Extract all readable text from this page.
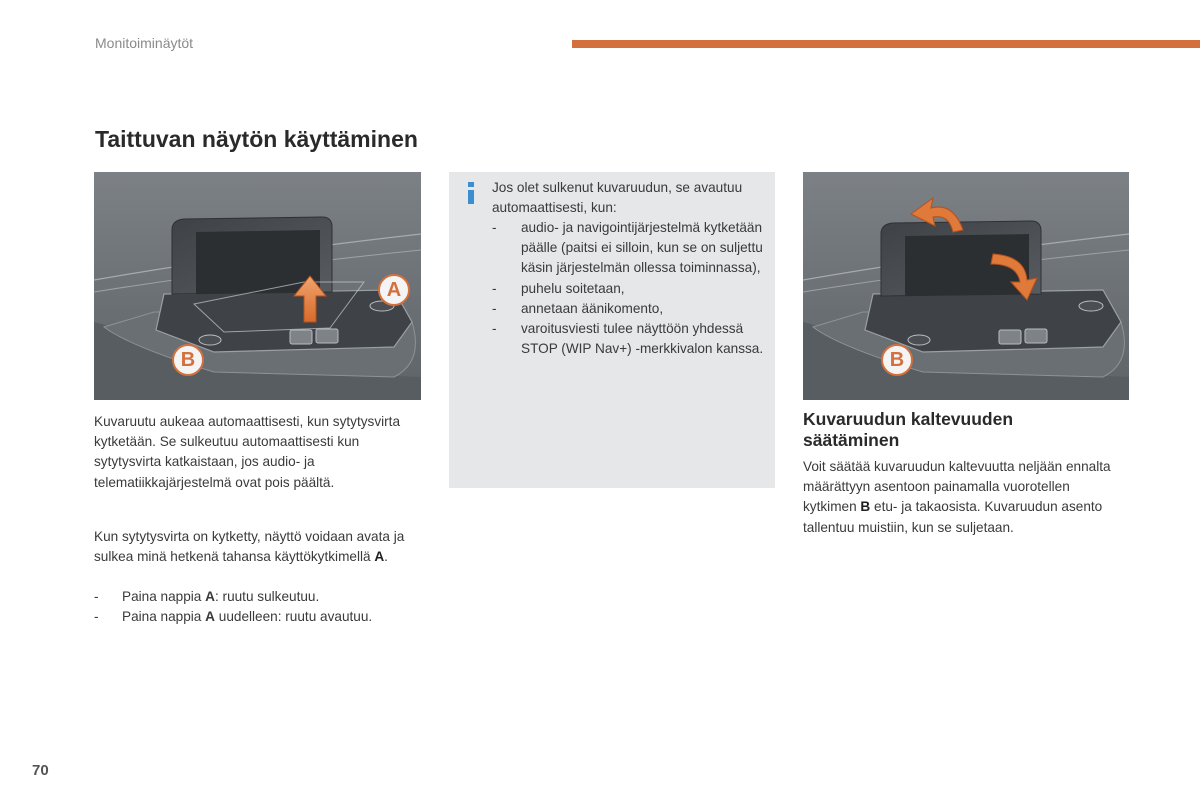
Monitoiminäytöt
Taittuvan näytön käyttäminen
A
B

Kuvaruutu aukeaa automaattisesti, kun sytytysvirta kytketään. Se sulkeutuu automaattisesti kun sytytysvirta katkaistaan, jos audio- ja telematiikkajärjestelmä ovat pois päältä.

Kun sytytysvirta on kytketty, näyttö voidaan avata ja sulkea minä hetkenä tahansa käyttökytkimellä A.

- Paina nappia A: ruutu sulkeutuu.
- Paina nappia A uudelleen: ruutu avautuu.

Jos olet sulkenut kuvaruudun, se avautuu automaattisesti, kun:

- audio- ja navigointijärjestelmä kytketään päälle (paitsi ei silloin, kun se on suljettu käsin järjestelmän ollessa toiminnassa),
- puhelu soitetaan,
- annetaan äänikomento,
- varoitusviesti tulee näyttöön yhdessä STOP (WIP Nav+) -merkkivalon kanssa.
B
Kuvaruudun kaltevuuden säätäminen

Voit säätää kuvaruudun kaltevuutta neljään ennalta määrättyyn asentoon painamalla vuorotellen kytkimen B etu- ja takaosista. Kuvaruudun asento tallentuu muistiin, kun se suljetaan.

70
